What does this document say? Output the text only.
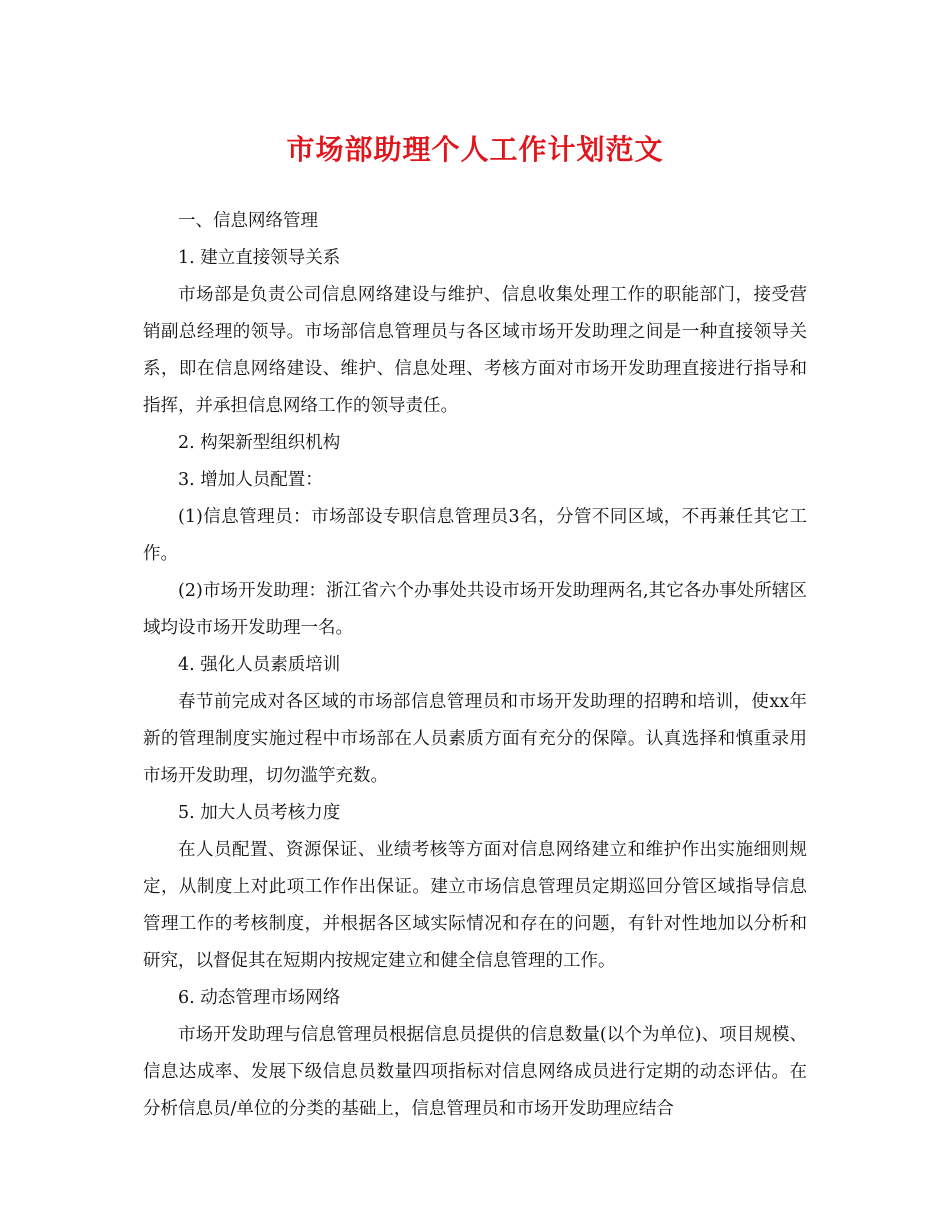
市场部助理个人工作计划范文

一、信息网络管理

1. 建立直接领导关系

市场部是负责公司信息网络建设与维护、信息收集处理工作的职能部门，接受营销副总经理的领导。市场部信息管理员与各区域市场开发助理之间是一种直接领导关系，即在信息网络建设、维护、信息处理、考核方面对市场开发助理直接进行指导和指挥，并承担信息网络工作的领导责任。

2. 构架新型组织机构

3. 增加人员配置：

(1)信息管理员：市场部设专职信息管理员3名，分管不同区域，不再兼任其它工作。

(2)市场开发助理：浙江省六个办事处共设市场开发助理两名,其它各办事处所辖区域均设市场开发助理一名。

4. 强化人员素质培训

春节前完成对各区域的市场部信息管理员和市场开发助理的招聘和培训，使xx年新的管理制度实施过程中市场部在人员素质方面有充分的保障。认真选择和慎重录用市场开发助理，切勿滥竽充数。

5. 加大人员考核力度

在人员配置、资源保证、业绩考核等方面对信息网络建立和维护作出实施细则规定，从制度上对此项工作作出保证。建立市场信息管理员定期巡回分管区域指导信息管理工作的考核制度，并根据各区域实际情况和存在的问题，有针对性地加以分析和研究，以督促其在短期内按规定建立和健全信息管理的工作。

6. 动态管理市场网络

市场开发助理与信息管理员根据信息员提供的信息数量(以个为单位)、项目规模、信息达成率、发展下级信息员数量四项指标对信息网络成员进行定期的动态评估。在分析信息员/单位的分类的基础上，信息管理员和市场开发助理应结合
